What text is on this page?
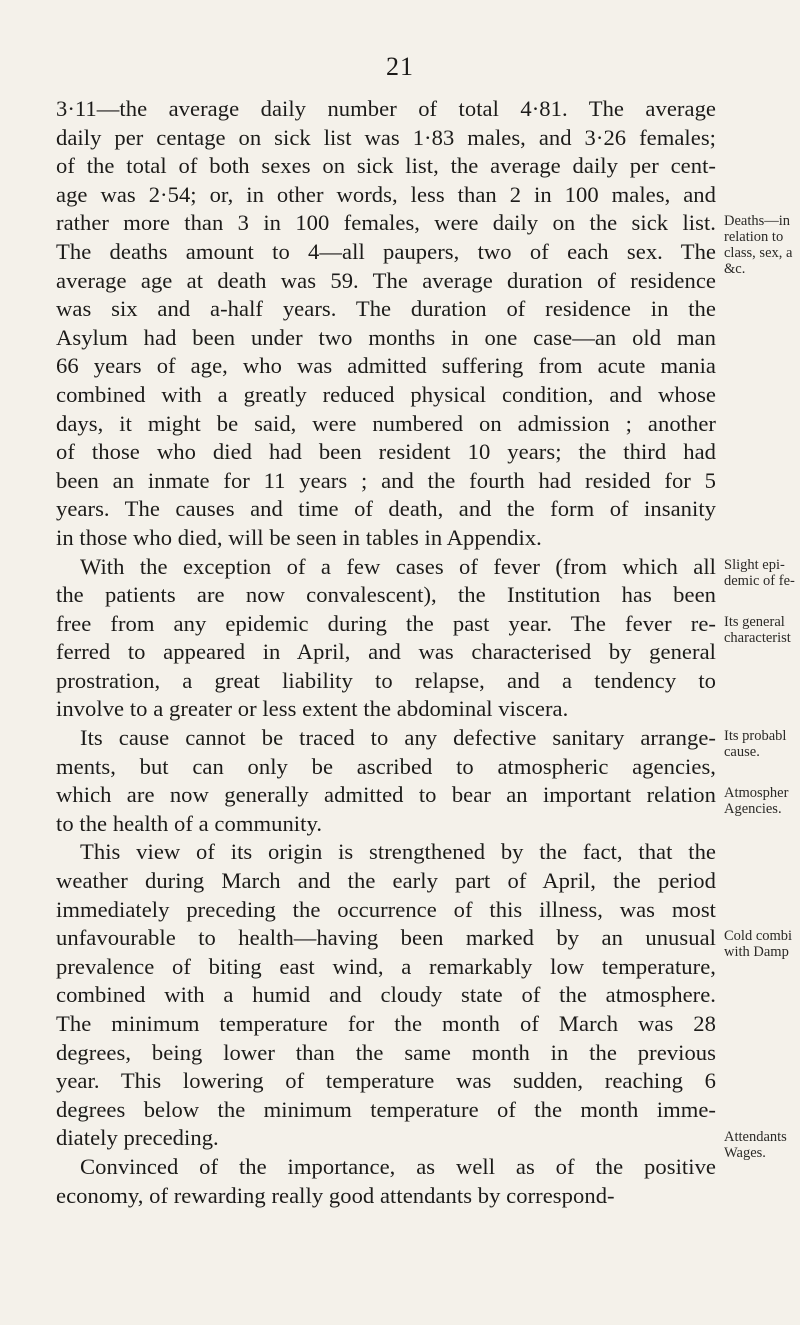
21
3·11—the average daily number of total 4·81. The average
daily per centage on sick list was 1·83 males, and 3·26 females;
of the total of both sexes on sick list, the average daily per cent-
age was 2·54; or, in other words, less than 2 in 100 males, and
rather more than 3 in 100 females, were daily on the sick list.
The deaths amount to 4—all paupers, two of each sex. The
average age at death was 59. The average duration of residence
was six and a-half years. The duration of residence in the
Asylum had been under two months in one case—an old man
66 years of age, who was admitted suffering from acute mania
combined with a greatly reduced physical condition, and whose
days, it might be said, were numbered on admission ; another
of those who died had been resident 10 years; the third had
been an inmate for 11 years ; and the fourth had resided for 5
years. The causes and time of death, and the form of insanity
in those who died, will be seen in tables in Appendix.
With the exception of a few cases of fever (from which all
the patients are now convalescent), the Institution has been
free from any epidemic during the past year. The fever re-
ferred to appeared in April, and was characterised by general
prostration, a great liability to relapse, and a tendency to
involve to a greater or less extent the abdominal viscera.
Its cause cannot be traced to any defective sanitary arrange-
ments, but can only be ascribed to atmospheric agencies,
which are now generally admitted to bear an important relation
to the health of a community.
This view of its origin is strengthened by the fact, that the
weather during March and the early part of April, the period
immediately preceding the occurrence of this illness, was most
unfavourable to health—having been marked by an unusual
prevalence of biting east wind, a remarkably low temperature,
combined with a humid and cloudy state of the atmosphere.
The minimum temperature for the month of March was 28
degrees, being lower than the same month in the previous
year. This lowering of temperature was sudden, reaching 6
degrees below the minimum temperature of the month imme-
diately preceding.
Convinced of the importance, as well as of the positive
economy, of rewarding really good attendants by correspond-
Deaths—in
relation to
class, sex, a
&c.
Slight epi-
demic of fe-
Its general
characterist
Its probabl
cause.
Atmospher
Agencies.
Cold combi
with Damp
Attendants
Wages.
